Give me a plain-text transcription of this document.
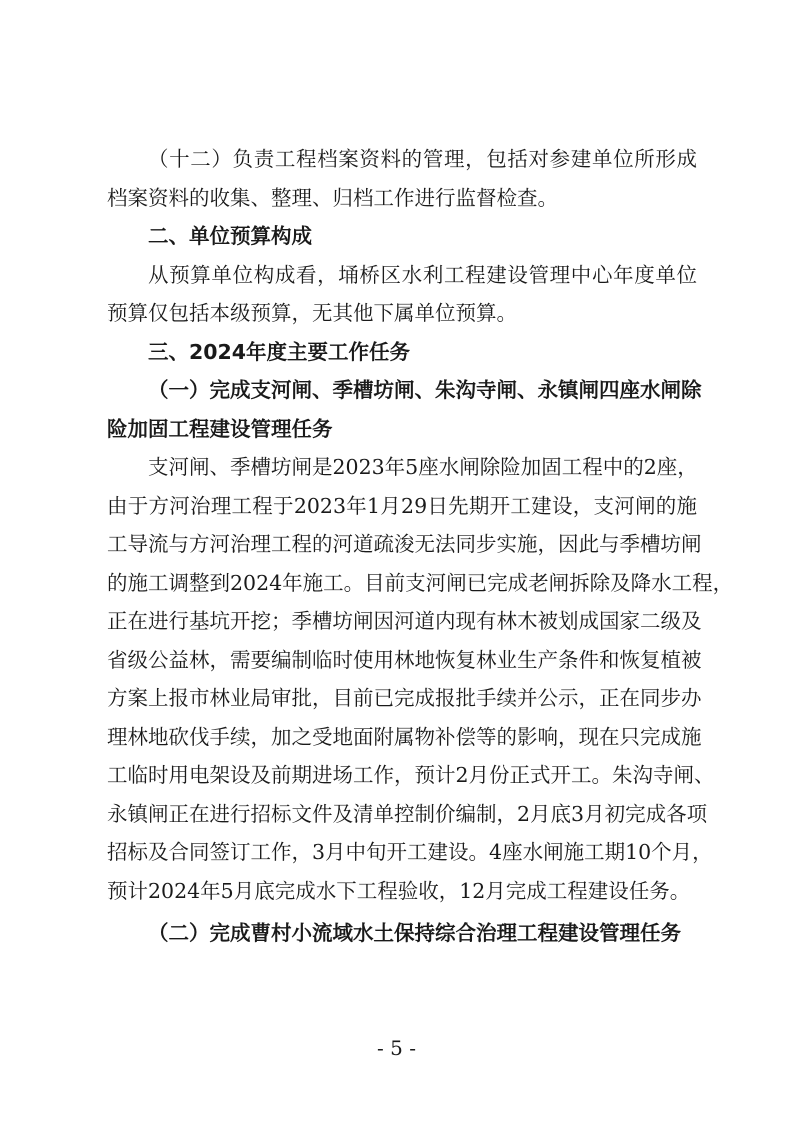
（十二）负责工程档案资料的管理，包括对参建单位所形成
档案资料的收集、整理、归档工作进行监督检查。
二、单位预算构成
从预算单位构成看，埇桥区水利工程建设管理中心年度单位
预算仅包括本级预算，无其他下属单位预算。
三、2024年度主要工作任务
（一）完成支河闸、季槽坊闸、朱沟寺闸、永镇闸四座水闸除
险加固工程建设管理任务
支河闸、季槽坊闸是2023年5座水闸除险加固工程中的2座，
由于方河治理工程于2023年1月29日先期开工建设，支河闸的施
工导流与方河治理工程的河道疏浚无法同步实施，因此与季槽坊闸
的施工调整到2024年施工。目前支河闸已完成老闸拆除及降水工程，
正在进行基坑开挖；季槽坊闸因河道内现有林木被划成国家二级及
省级公益林，需要编制临时使用林地恢复林业生产条件和恢复植被
方案上报市林业局审批，目前已完成报批手续并公示，正在同步办
理林地砍伐手续，加之受地面附属物补偿等的影响，现在只完成施
工临时用电架设及前期进场工作，预计2月份正式开工。朱沟寺闸、
永镇闸正在进行招标文件及清单控制价编制，2月底3月初完成各项
招标及合同签订工作，3月中旬开工建设。4座水闸施工期10个月，
预计2024年5月底完成水下工程验收，12月完成工程建设任务。
（二）完成曹村小流域水土保持综合治理工程建设管理任务
- 5 -
